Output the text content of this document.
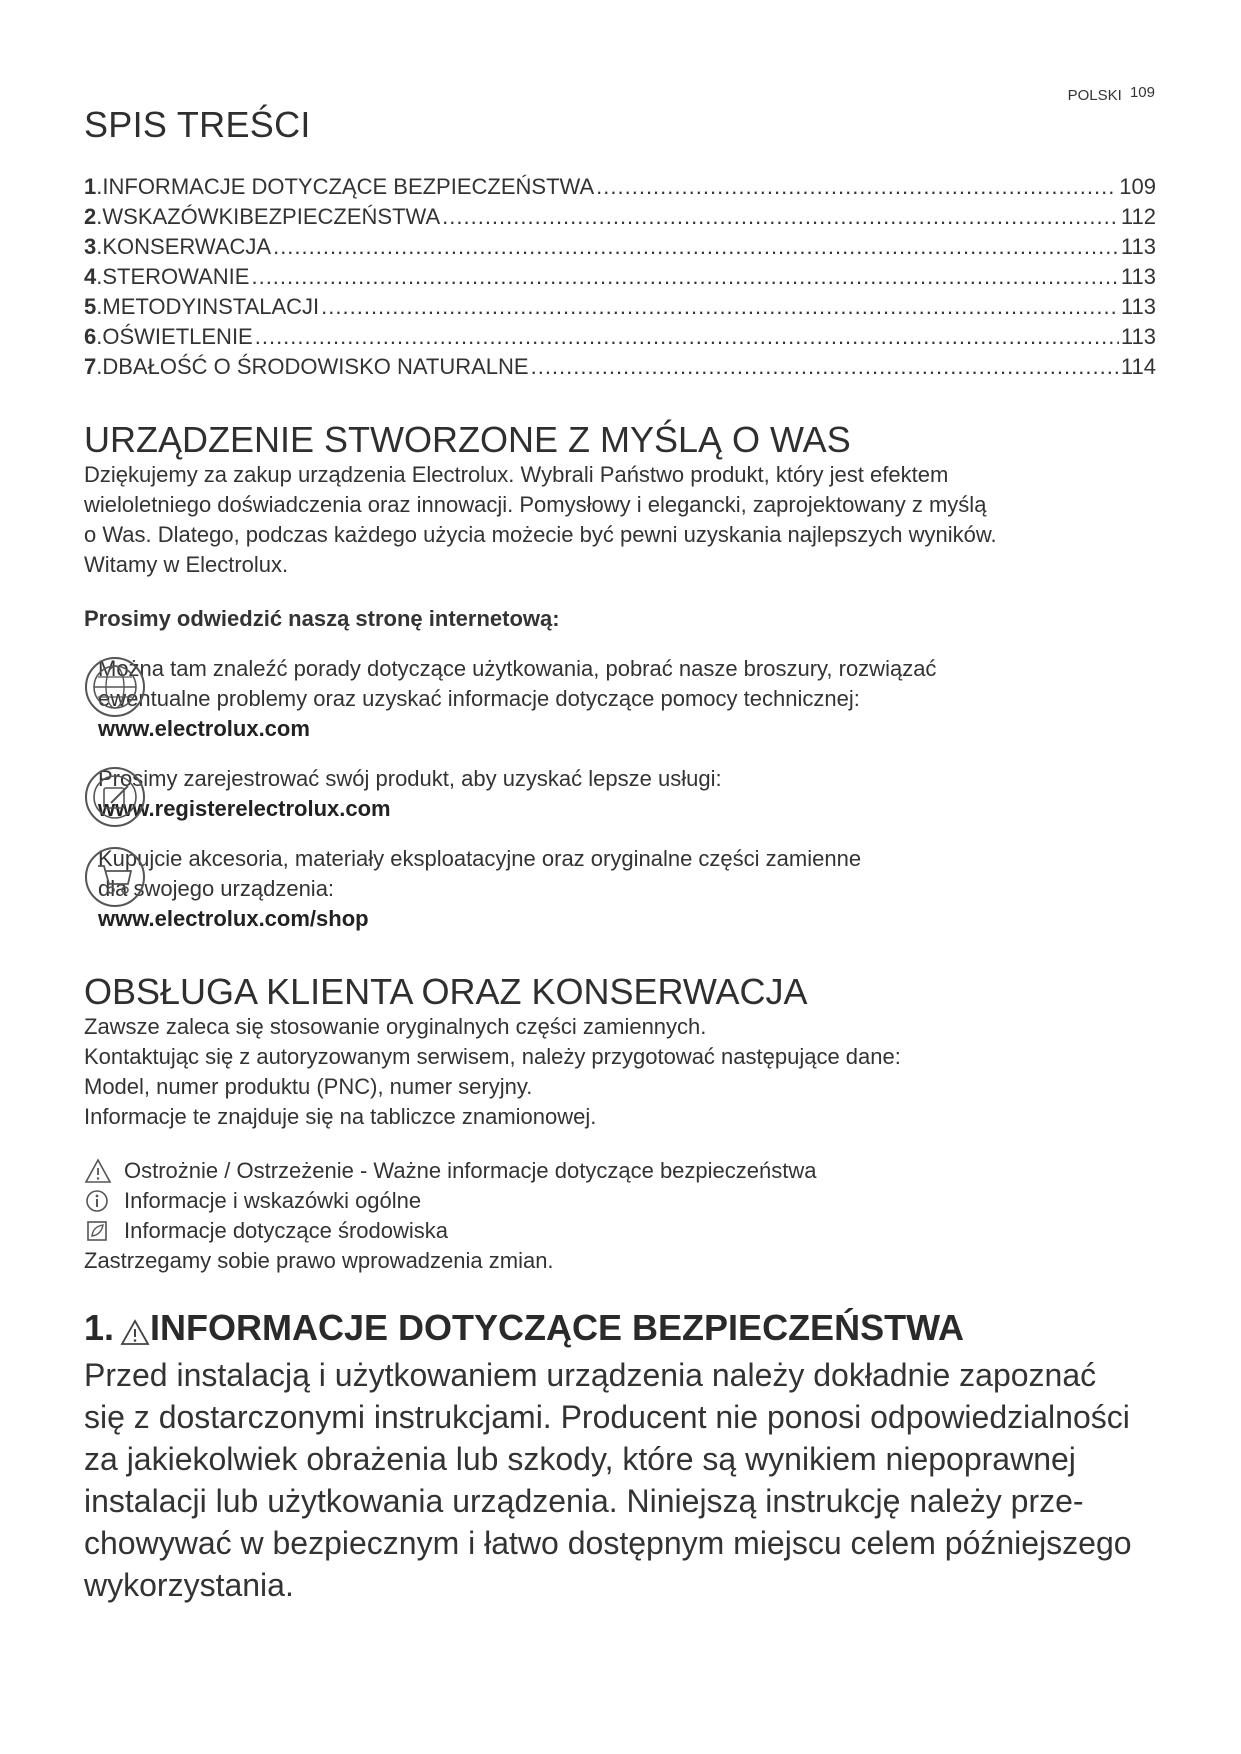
POLSKI 109
SPIS TREŚCI
1 . INFORMACJE DOTYCZĄCE BEZPIECZEŃSTWA .....	109
2 . WSKAZÓWKIBEZPIECZEŃSTWA .....	112
3 . KONSERWACJA .....	113
4 . STEROWANIE .....	113
5 . METODYINSTALACJI .....	113
6 . OŚWIETLENIE .....	113
7 . DBAŁOŚĆ O ŚRODOWISKO NATURALNE .....	114
URZĄDZENIE STWORZONE Z MYŚLĄ O WAS

Dziękujemy za zakup urządzenia Electrolux. Wybrali Państwo produkt, który jest efektem

wieloletniego doświadczenia oraz innowacji. Pomysłowy i elegancki, zaprojektowany z myślą

o Was. Dlatego, podczas każdego użycia możecie być pewni uzyskania najlepszych wyników.

Witamy w Electrolux.

Prosimy odwiedzić naszą stronę internetową:

Można tam znaleźć porady dotyczące użytkowania, pobrać nasze broszury, rozwiązać
ewentualne problemy oraz uzyskać informacje dotyczące pomocy technicznej:
www.electrolux.com
Prosimy zarejestrować swój produkt, aby uzyskać lepsze usługi:
www.registerelectrolux.com
Kupujcie akcesoria, materiały eksploatacyjne oraz oryginalne części zamienne
dla swojego urządzenia:
www.electrolux.com/shop
OBSŁUGA KLIENTA ORAZ KONSERWACJA

Zawsze zaleca się stosowanie oryginalnych części zamiennych.

Kontaktując się z autoryzowanym serwisem, należy przygotować następujące dane:

Model, numer produktu (PNC), numer seryjny.

Informacje te znajduje się na tabliczce znamionowej.

Ostrożnie / Ostrzeżenie - Ważne informacje dotyczące bezpieczeństwa
Informacje i wskazówki ogólne
Informacje dotyczące środowiska

Zastrzegamy sobie prawo wprowadzenia zmian.

1. INFORMACJE DOTYCZĄCE BEZPIECZEŃSTWA

Przed instalacją i użytkowaniem urządzenia należy dokładnie zapoznać

się z dostarczonymi instrukcjami. Producent nie ponosi odpowiedzialności

za jakiekolwiek obrażenia lub szkody, które są wynikiem niepoprawnej

instalacji lub użytkowania urządzenia. Niniejszą instrukcję należy prze-

chowywać w bezpiecznym i łatwo dostępnym miejscu celem późniejszego

wykorzystania.
